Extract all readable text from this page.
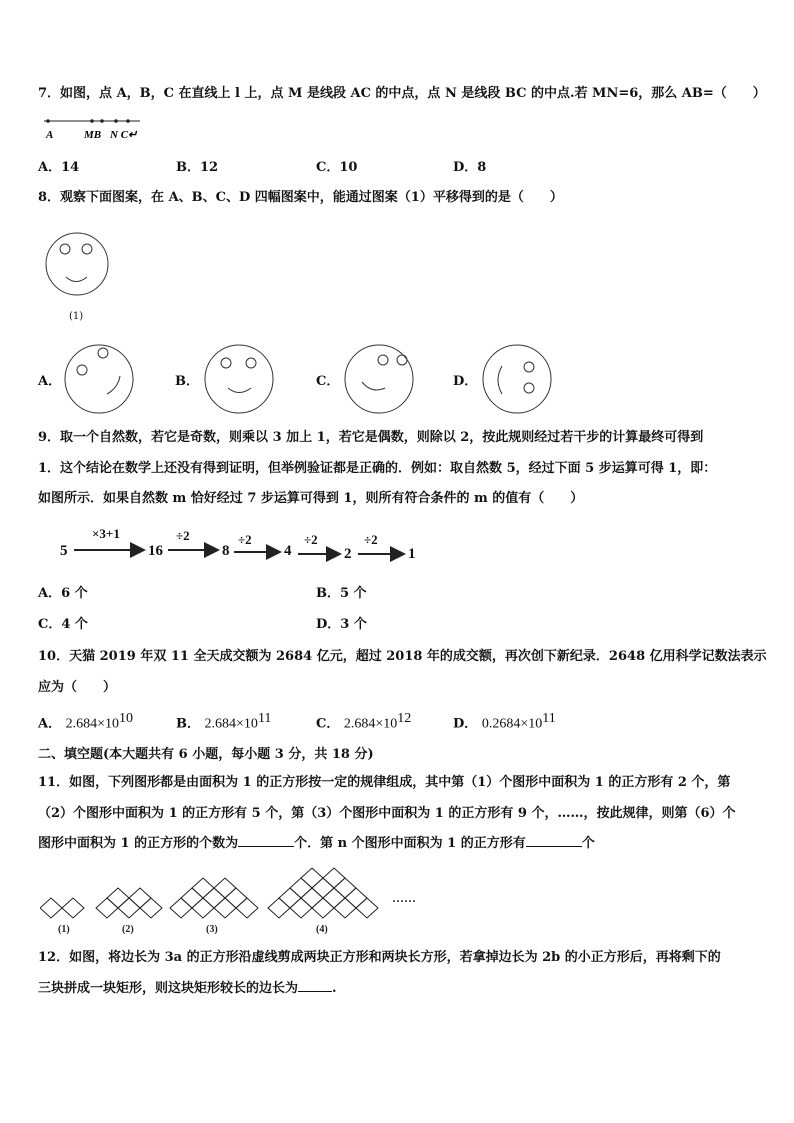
7．如图，点 A，B，C 在直线上 l 上，点 M 是线段 AC 的中点，点 N 是线段 BC 的中点.若 MN=6，那么 AB=（　　）
A	MB N C↵
A．14	B．12	C．10	D．8
8．观察下面图案，在 A、B、C、D 四幅图案中，能通过图案（1）平移得到的是（　　）
(1)
A．	B．	C．	D．
9．取一个自然数，若它是奇数，则乘以 3 加上 1，若它是偶数，则除以 2，按此规则经过若干步的计算最终可得到
1．这个结论在数学上还没有得到证明，但举例验证都是正确的．例如：取自然数 5，经过下面 5 步运算可得 1，即：
如图所示．如果自然数 m 恰好经过 7 步运算可得到 1，则所有符合条件的 m 的值有（　　）
5	16	8	4	2	1
×3+1	÷2	÷2	÷2	÷2
A．6 个	B．5 个
C．4 个	D．3 个
10．天猫 2019 年双 11 全天成交额为 2684 亿元，超过 2018 年的成交额，再次创下新纪录．2648 亿用科学记数法表示
应为（　　）
A． $2.684\times 10^{10}$	B． $2.684\times 10^{11}$	C． $2.684\times 10^{12}$	D． $0.2684\times 10^{11}$
二、填空题(本大题共有 6 小题，每小题 3 分，共 18 分)
11．如图，下列图形都是由面积为 1 的正方形按一定的规律组成，其中第（1）个图形中面积为 1 的正方形有 2 个，第
（2）个图形中面积为 1 的正方形有 5 个，第（3）个图形中面积为 1 的正方形有 9 个，……，按此规律，则第（6）个
图形中面积为 1 的正方形的个数为	个．第 n 个图形中面积为 1 的正方形有	个
(1)	(2)	(3)	(4)
……
12．如图，将边长为 3a 的正方形沿虚线剪成两块正方形和两块长方形，若拿掉边长为 2b 的小正方形后，再将剩下的
三块拼成一块矩形，则这块矩形较长的边长为	.
